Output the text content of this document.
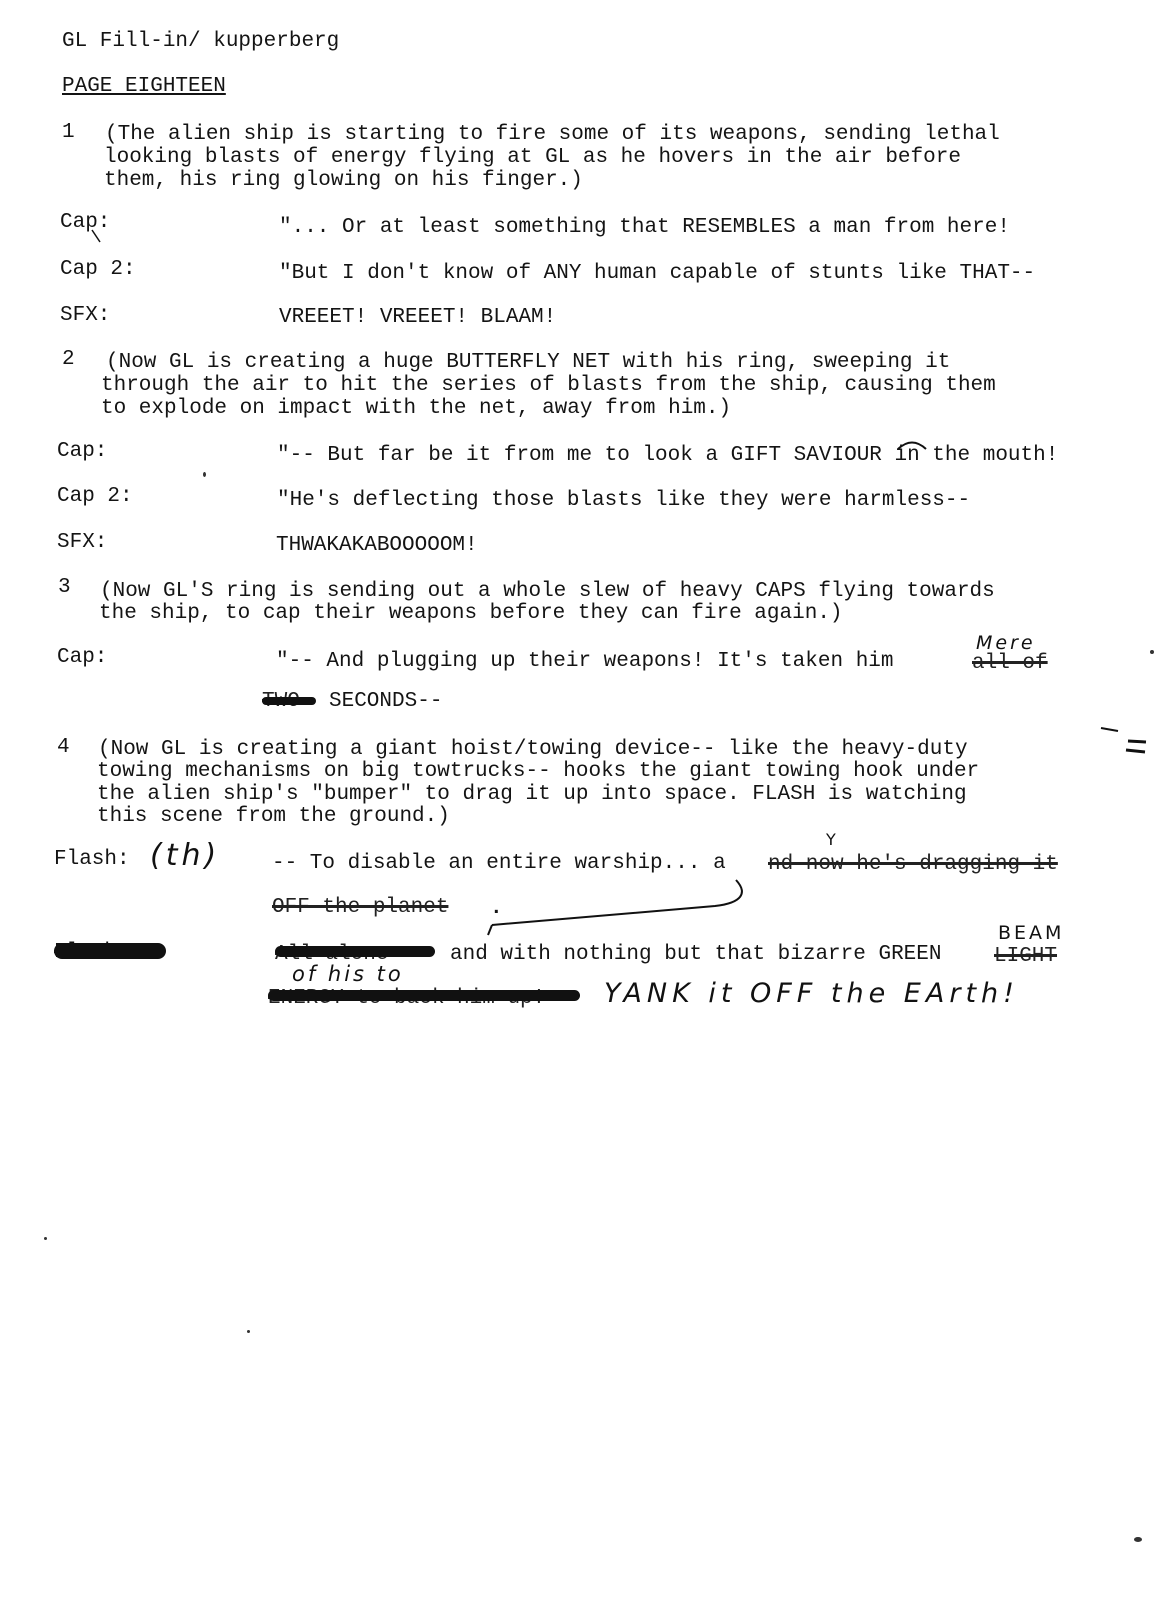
GL Fill-in/ kupperberg
PAGE EIGHTEEN
1 (The alien ship is starting to fire some of its weapons, sending lethal
looking blasts of energy flying at GL as he hovers in the air before
them, his ring glowing on his finger.)
Cap:	"... Or at least something that RESEMBLES a man from here!
Cap 2:	"But I don't know of ANY human capable of stunts like THAT--
SFX:	VREEET! VREEET! BLAAM!
2 (Now GL is creating a huge BUTTERFLY NET with his ring, sweeping it
through the air to hit the series of blasts from the ship, causing them
to explode on impact with the net, away from him.)
Cap:	"-- But far be it from me to look a GIFT SAVIOUR in the mouth!
Cap 2:	"He's deflecting those blasts like they were harmless--
SFX:	THWAKAKABOOOOOM!
3 (Now GL'S ring is sending out a whole slew of heavy CAPS flying towards
the ship, to cap their weapons before they can fire again.)
Cap:	"-- And plugging up their weapons! It's taken him	all of
Mere
SECONDS--
4 (Now GL is creating a giant hoist/towing device-- like the heavy-duty
towing mechanisms on big towtrucks-- hooks the giant towing hook under
the alien ship's "bumper" to drag it up into space. FLASH is watching
this scene from the ground.)
Flash: (th) -- To disable an entire warship... a nd now he's dragging it
Y
OFF the planet .
and with nothing but that bizarre GREEN	LIGHT
BEAM
of his to
YANK it OFF the EArth!
